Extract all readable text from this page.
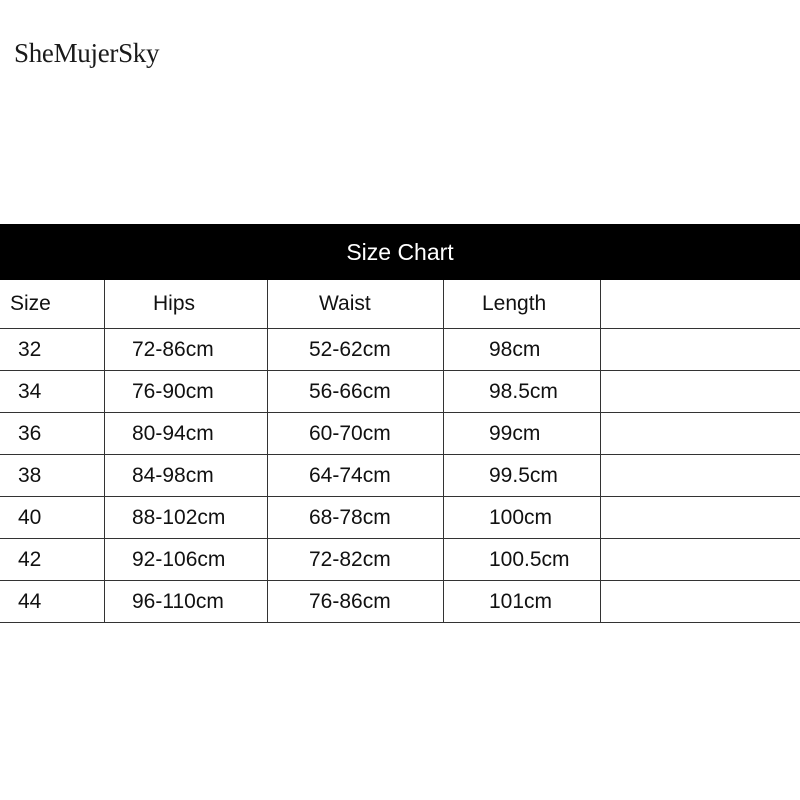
SheMujerSky
Size Chart
Size	Hips	Waist	Length	
32	72-86cm	52-62cm	98cm	
34	76-90cm	56-66cm	98.5cm	
36	80-94cm	60-70cm	99cm	
38	84-98cm	64-74cm	99.5cm	
40	88-102cm	68-78cm	100cm	
42	92-106cm	72-82cm	100.5cm	
44	96-110cm	76-86cm	101cm	
